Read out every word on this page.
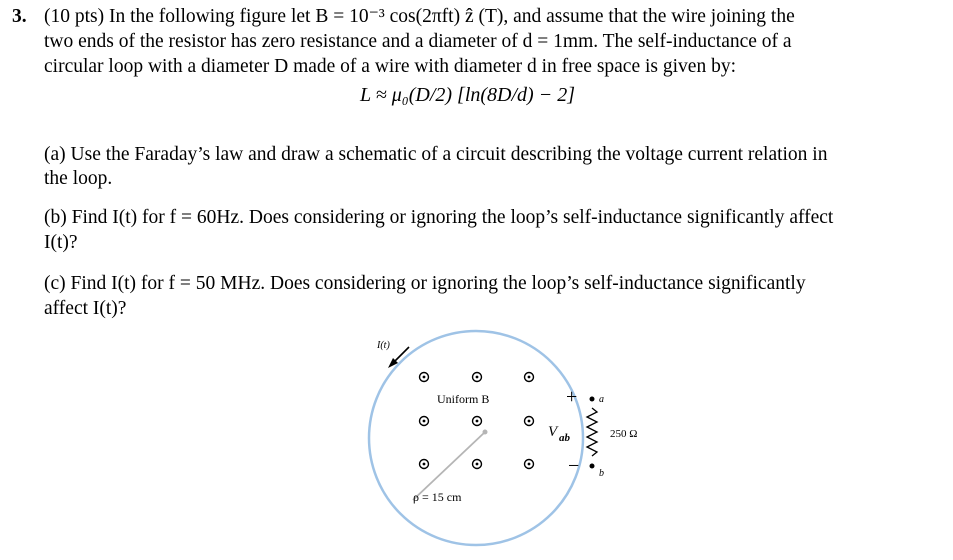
3. (10 pts) In the following figure let B = 10⁻³ cos(2πft) ẑ (T), and assume that the wire joining the
two ends of the resistor has zero resistance and a diameter of d = 1mm. The self-inductance of a
circular loop with a diameter D made of a wire with diameter d in free space is given by:
L ≈ μ₀(D/2) [ln(8D/d) − 2]
(a) Use the Faraday’s law and draw a schematic of a circuit describing the voltage current relation in
the loop.
(b) Find I(t) for f = 60Hz. Does considering or ignoring the loop’s self-inductance significantly affect
I(t)?
(c) Find I(t) for f = 50 MHz. Does considering or ignoring the loop’s self-inductance significantly
affect I(t)?
I(t)
Uniform B
ρ = 15 cm
+
−
V ab
a
b
250 Ω
